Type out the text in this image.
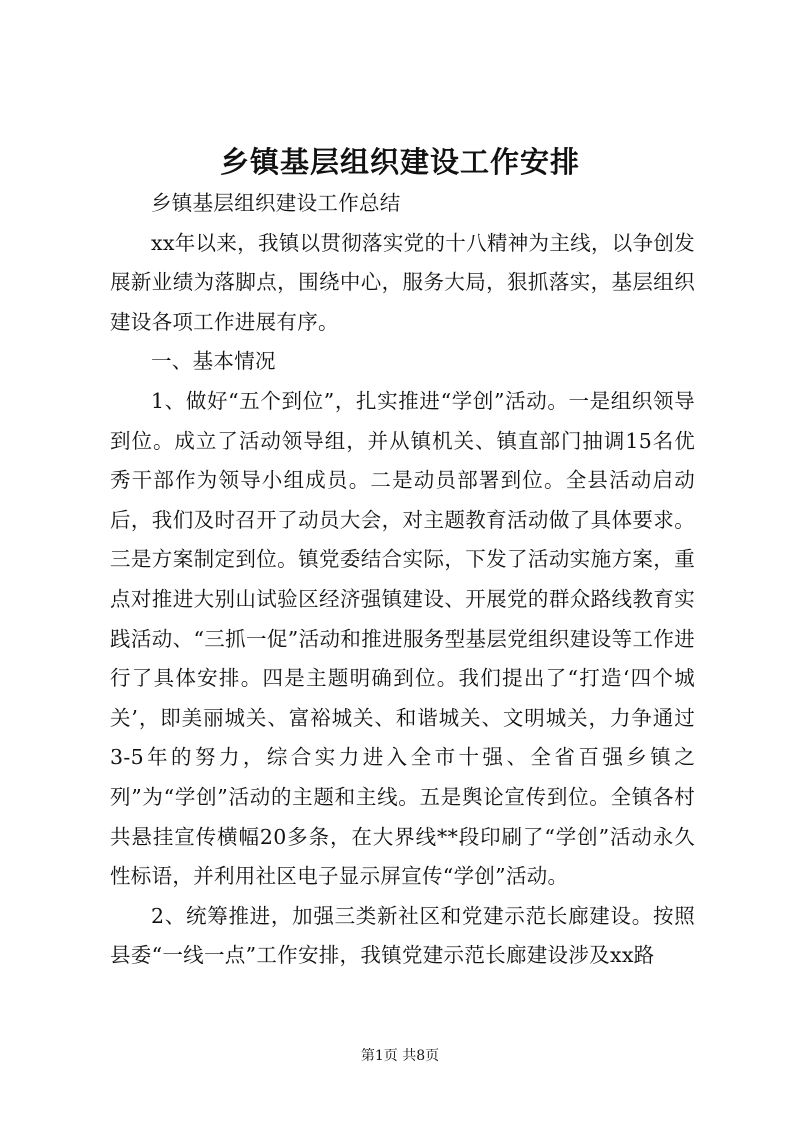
乡镇基层组织建设工作安排

乡镇基层组织建设工作总结

xx年以来，我镇以贯彻落实党的十八精神为主线，以争创发展新业绩为落脚点，围绕中心，服务大局，狠抓落实，基层组织建设各项工作进展有序。

一、基本情况

1、做好“五个到位”，扎实推进“学创”活动。一是组织领导到位。成立了活动领导组，并从镇机关、镇直部门抽调15名优秀干部作为领导小组成员。二是动员部署到位。全县活动启动后，我们及时召开了动员大会，对主题教育活动做了具体要求。三是方案制定到位。镇党委结合实际，下发了活动实施方案，重点对推进大别山试验区经济强镇建设、开展党的群众路线教育实践活动、“三抓一促”活动和推进服务型基层党组织建设等工作进行了具体安排。四是主题明确到位。我们提出了“打造‘四个城关’，即美丽城关、富裕城关、和谐城关、文明城关，力争通过3-5年的努力，综合实力进入全市十强、全省百强乡镇之列”为“学创”活动的主题和主线。五是舆论宣传到位。全镇各村共悬挂宣传横幅20多条，在大界线**段印刷了“学创”活动永久性标语，并利用社区电子显示屏宣传“学创”活动。

2、统筹推进，加强三类新社区和党建示范长廊建设。按照县委“一线一点”工作安排，我镇党建示范长廊建设涉及xx路

第1页 共8页
